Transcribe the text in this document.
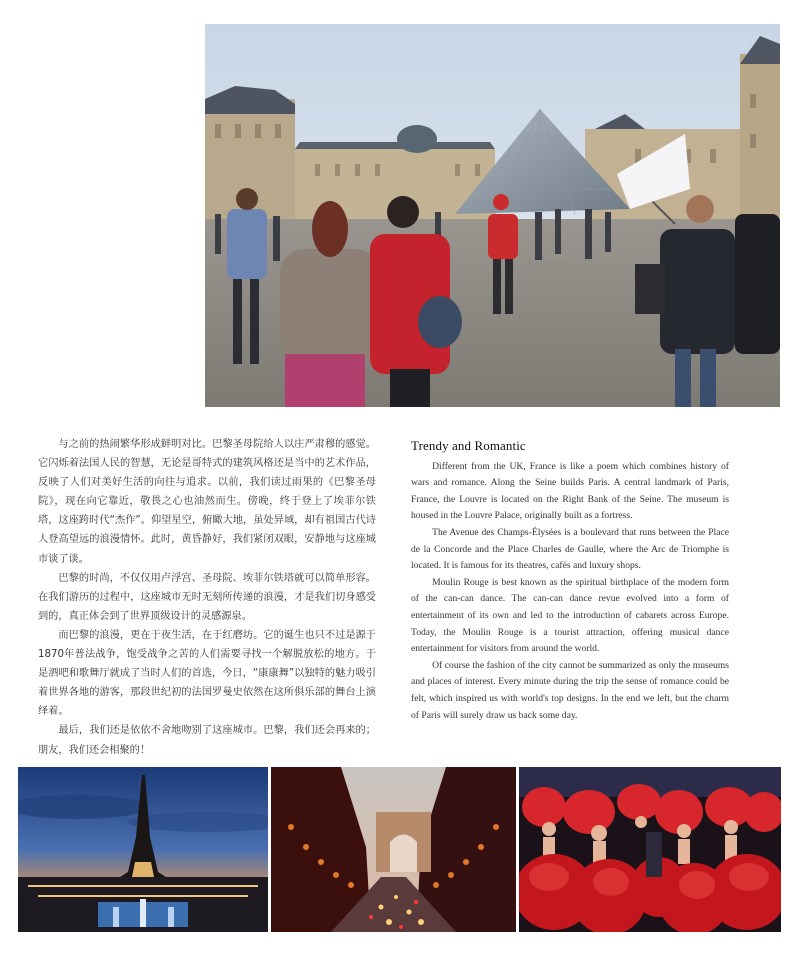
与之前的热闹繁华形成鲜明对比。巴黎圣母院给人以庄严肃穆的感觉。它闪烁着法国人民的智慧，无论是哥特式的建筑风格还是当中的艺术作品，反映了人们对美好生活的向往与追求。以前，我们读过雨果的《巴黎圣母院》，现在向它靠近，敬畏之心也油然而生。傍晚，终于登上了埃菲尔铁塔，这座跨时代“杰作”。仰望星空，俯瞰大地，虽处异域，却有祖国古代诗人登高望远的浪漫情怀。此时，黄昏静好，我们紧闭双眼，安静地与这座城市谈了谈。

巴黎的时尚，不仅仅用卢浮宫、圣母院、埃菲尔铁塔就可以简单形容。在我们游历的过程中，这座城市无时无刻所传递的浪漫，才是我们切身感受到的，真正体会到了世界顶级设计的灵感源泉。

而巴黎的浪漫，更在于夜生活，在于红磨坊。它的诞生也只不过是源于1870年普法战争，饱受战争之苦的人们需要寻找一个解脱放松的地方。于是酒吧和歌舞厅就成了当时人们的首选，今日，“康康舞”以独特的魅力吸引着世界各地的游客，那段世纪初的法国罗曼史依然在这所俱乐部的舞台上演绎着。

最后，我们还是依依不舍地吻别了这座城市。巴黎，我们还会再来的；朋友，我们还会相聚的！

Trendy and Romantic

Different from the UK, France is like a poem which combines history of wars and romance. Along the Seine builds Paris. A central landmark of Paris, France, the Louvre is located on the Right Bank of the Seine. The museum is housed in the Louvre Palace, originally built as a fortress.

The Avenue des Champs-Élysées is a boulevard that runs between the Place de la Concorde and the Place Charles de Gaulle, where the Arc de Triomphe is located. It is famous for its theatres, cafés and luxury shops.

Moulin Rouge is best known as the spiritual birthplace of the modern form of the can-can dance. The can-can dance revue evolved into a form of entertainment of its own and led to the introduction of cabarets across Europe. Today, the Moulin Rouge is a tourist attraction, offering musical dance entertainment for visitors from around the world.

Of course the fashion of the city cannot be summarized as only the museums and places of interest. Every minute during the trip the sense of romance could be felt, which inspired us with world's top designs. In the end we left, but the charm of Paris will surely draw us back some day.
